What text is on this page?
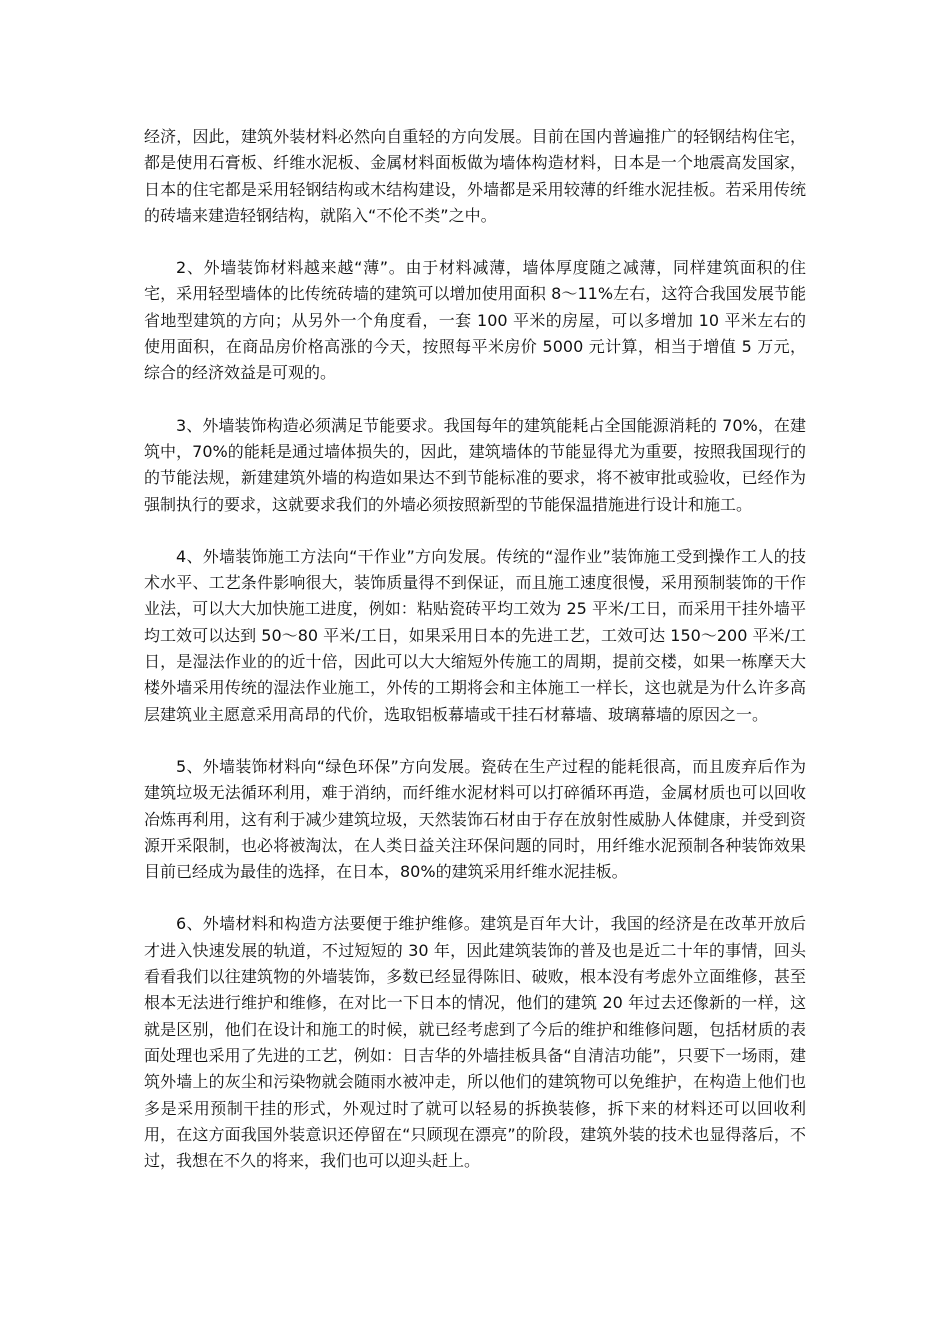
经济，因此，建筑外装材料必然向自重轻的方向发展。目前在国内普遍推广的轻钢结构住宅，都是使用石膏板、纤维水泥板、金属材料面板做为墙体构造材料，日本是一个地震高发国家，日本的住宅都是采用轻钢结构或木结构建设，外墙都是采用较薄的纤维水泥挂板。若采用传统的砖墙来建造轻钢结构，就陷入“不伦不类”之中。

2、外墙装饰材料越来越“薄”。由于材料减薄，墙体厚度随之减薄，同样建筑面积的住宅，采用轻型墙体的比传统砖墙的建筑可以增加使用面积 8～11%左右，这符合我国发展节能省地型建筑的方向；从另外一个角度看，一套 100 平米的房屋，可以多增加 10 平米左右的使用面积，在商品房价格高涨的今天，按照每平米房价 5000 元计算，相当于增值 5 万元，综合的经济效益是可观的。

3、外墙装饰构造必须满足节能要求。我国每年的建筑能耗占全国能源消耗的 70%，在建筑中，70%的能耗是通过墙体损失的，因此，建筑墙体的节能显得尤为重要，按照我国现行的的节能法规，新建建筑外墙的构造如果达不到节能标准的要求，将不被审批或验收，已经作为强制执行的要求，这就要求我们的外墙必须按照新型的节能保温措施进行设计和施工。

4、外墙装饰施工方法向“干作业”方向发展。传统的“湿作业”装饰施工受到操作工人的技术水平、工艺条件影响很大，装饰质量得不到保证，而且施工速度很慢，采用预制装饰的干作业法，可以大大加快施工进度，例如：粘贴瓷砖平均工效为 25 平米/工日，而采用干挂外墙平均工效可以达到 50～80 平米/工日，如果采用日本的先进工艺，工效可达 150～200 平米/工日，是湿法作业的的近十倍，因此可以大大缩短外传施工的周期，提前交楼，如果一栋摩天大楼外墙采用传统的湿法作业施工，外传的工期将会和主体施工一样长，这也就是为什么许多高层建筑业主愿意采用高昂的代价，选取铝板幕墙或干挂石材幕墙、玻璃幕墙的原因之一。

5、外墙装饰材料向“绿色环保”方向发展。瓷砖在生产过程的能耗很高，而且废弃后作为建筑垃圾无法循环利用，难于消纳，而纤维水泥材料可以打碎循环再造，金属材质也可以回收冶炼再利用，这有利于减少建筑垃圾，天然装饰石材由于存在放射性威胁人体健康，并受到资源开采限制，也必将被淘汰，在人类日益关注环保问题的同时，用纤维水泥预制各种装饰效果目前已经成为最佳的选择，在日本，80%的建筑采用纤维水泥挂板。

6、外墙材料和构造方法要便于维护维修。建筑是百年大计，我国的经济是在改革开放后才进入快速发展的轨道，不过短短的 30 年，因此建筑装饰的普及也是近二十年的事情，回头看看我们以往建筑物的外墙装饰，多数已经显得陈旧、破败，根本没有考虑外立面维修，甚至根本无法进行维护和维修，在对比一下日本的情况，他们的建筑 20 年过去还像新的一样，这就是区别，他们在设计和施工的时候，就已经考虑到了今后的维护和维修问题，包括材质的表面处理也采用了先进的工艺，例如：日吉华的外墙挂板具备“自清洁功能”，只要下一场雨，建筑外墙上的灰尘和污染物就会随雨水被冲走，所以他们的建筑物可以免维护，在构造上他们也多是采用预制干挂的形式，外观过时了就可以轻易的拆换装修，拆下来的材料还可以回收利用，在这方面我国外装意识还停留在“只顾现在漂亮”的阶段，建筑外装的技术也显得落后，不过，我想在不久的将来，我们也可以迎头赶上。
